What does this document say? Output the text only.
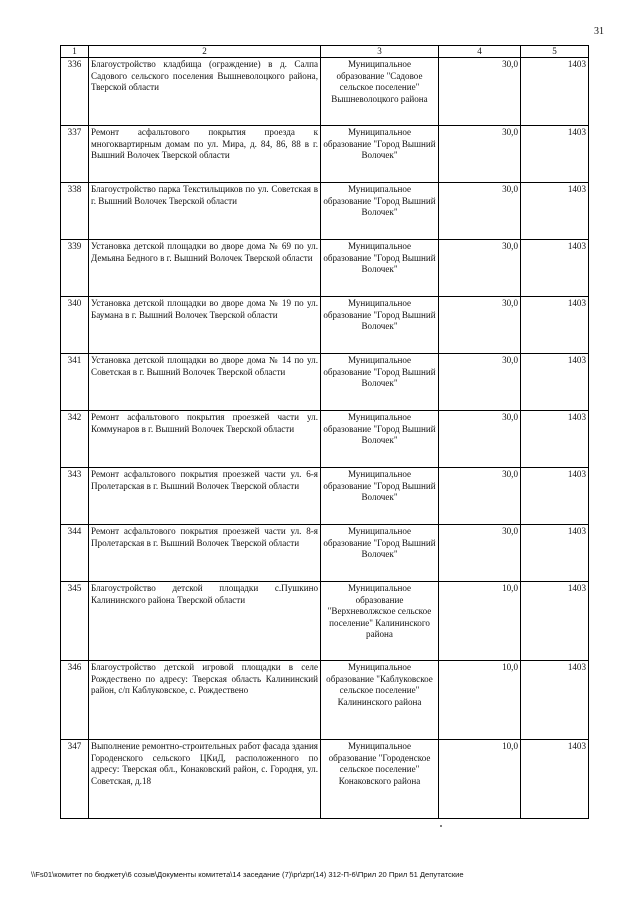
31
1	2	3	4	5
336	Благоустройство кладбища (ограждение) в д. Салпа Садового сельского поселения Вышневолоцкого района, Тверской области	Муниципальное образование "Садовое сельское поселение" Вышневолоцкого района	30,0	1403
337	Ремонт асфальтового покрытия проезда к многоквартирным домам по ул. Мира, д. 84, 86, 88 в г. Вышний Волочек Тверской области	Муниципальное образование "Город Вышний Волочек"	30,0	1403
338	Благоустройство парка Текстильщиков по ул. Советская в г. Вышний Волочек Тверской области	Муниципальное образование "Город Вышний Волочек"	30,0	1403
339	Установка детской площадки во дворе дома № 69 по ул. Демьяна Бедного в г. Вышний Волочек Тверской области	Муниципальное образование "Город Вышний Волочек"	30,0	1403
340	Установка детской площадки во дворе дома № 19 по ул. Баумана в г. Вышний Волочек Тверской области	Муниципальное образование "Город Вышний Волочек"	30,0	1403
341	Установка детской площадки во дворе дома № 14 по ул. Советская в г. Вышний Волочек Тверской области	Муниципальное образование "Город Вышний Волочек"	30,0	1403
342	Ремонт асфальтового покрытия проезжей части ул. Коммунаров в г. Вышний Волочек Тверской области	Муниципальное образование "Город Вышний Волочек"	30,0	1403
343	Ремонт асфальтового покрытия проезжей части ул. 6-я Пролетарская в г. Вышний Волочек Тверской области	Муниципальное образование "Город Вышний Волочек"	30,0	1403
344	Ремонт асфальтового покрытия проезжей части ул. 8-я Пролетарская в г. Вышний Волочек Тверской области	Муниципальное образование "Город Вышний Волочек"	30,0	1403
345	Благоустройство детской площадки с.Пушкино Калининского района Тверской области	Муниципальное образование "Верхневолжское сельское поселение" Калининского района	10,0	1403
346	Благоустройство детской игровой площадки в селе Рождествено по адресу: Тверская область Калининский район, с/п Каблуковское, с. Рождествено	Муниципальное образование "Каблуковское сельское поселение" Калининского района	10,0	1403
347	Выполнение ремонтно-строительных работ фасада здания Городенского сельского ЦКиД, расположенного по адресу: Тверская обл., Конаковский район, с. Городня, ул. Советская, д.18	Муниципальное образование "Городенское сельское поселение" Конаковского района	10,0	1403
\\Fs01\комитет по бюджету\6 созыв\Документы комитета\14 заседание (7)\pr\zpr(14) 312-П-6\Прил 20 Прил 51 Депутатские
